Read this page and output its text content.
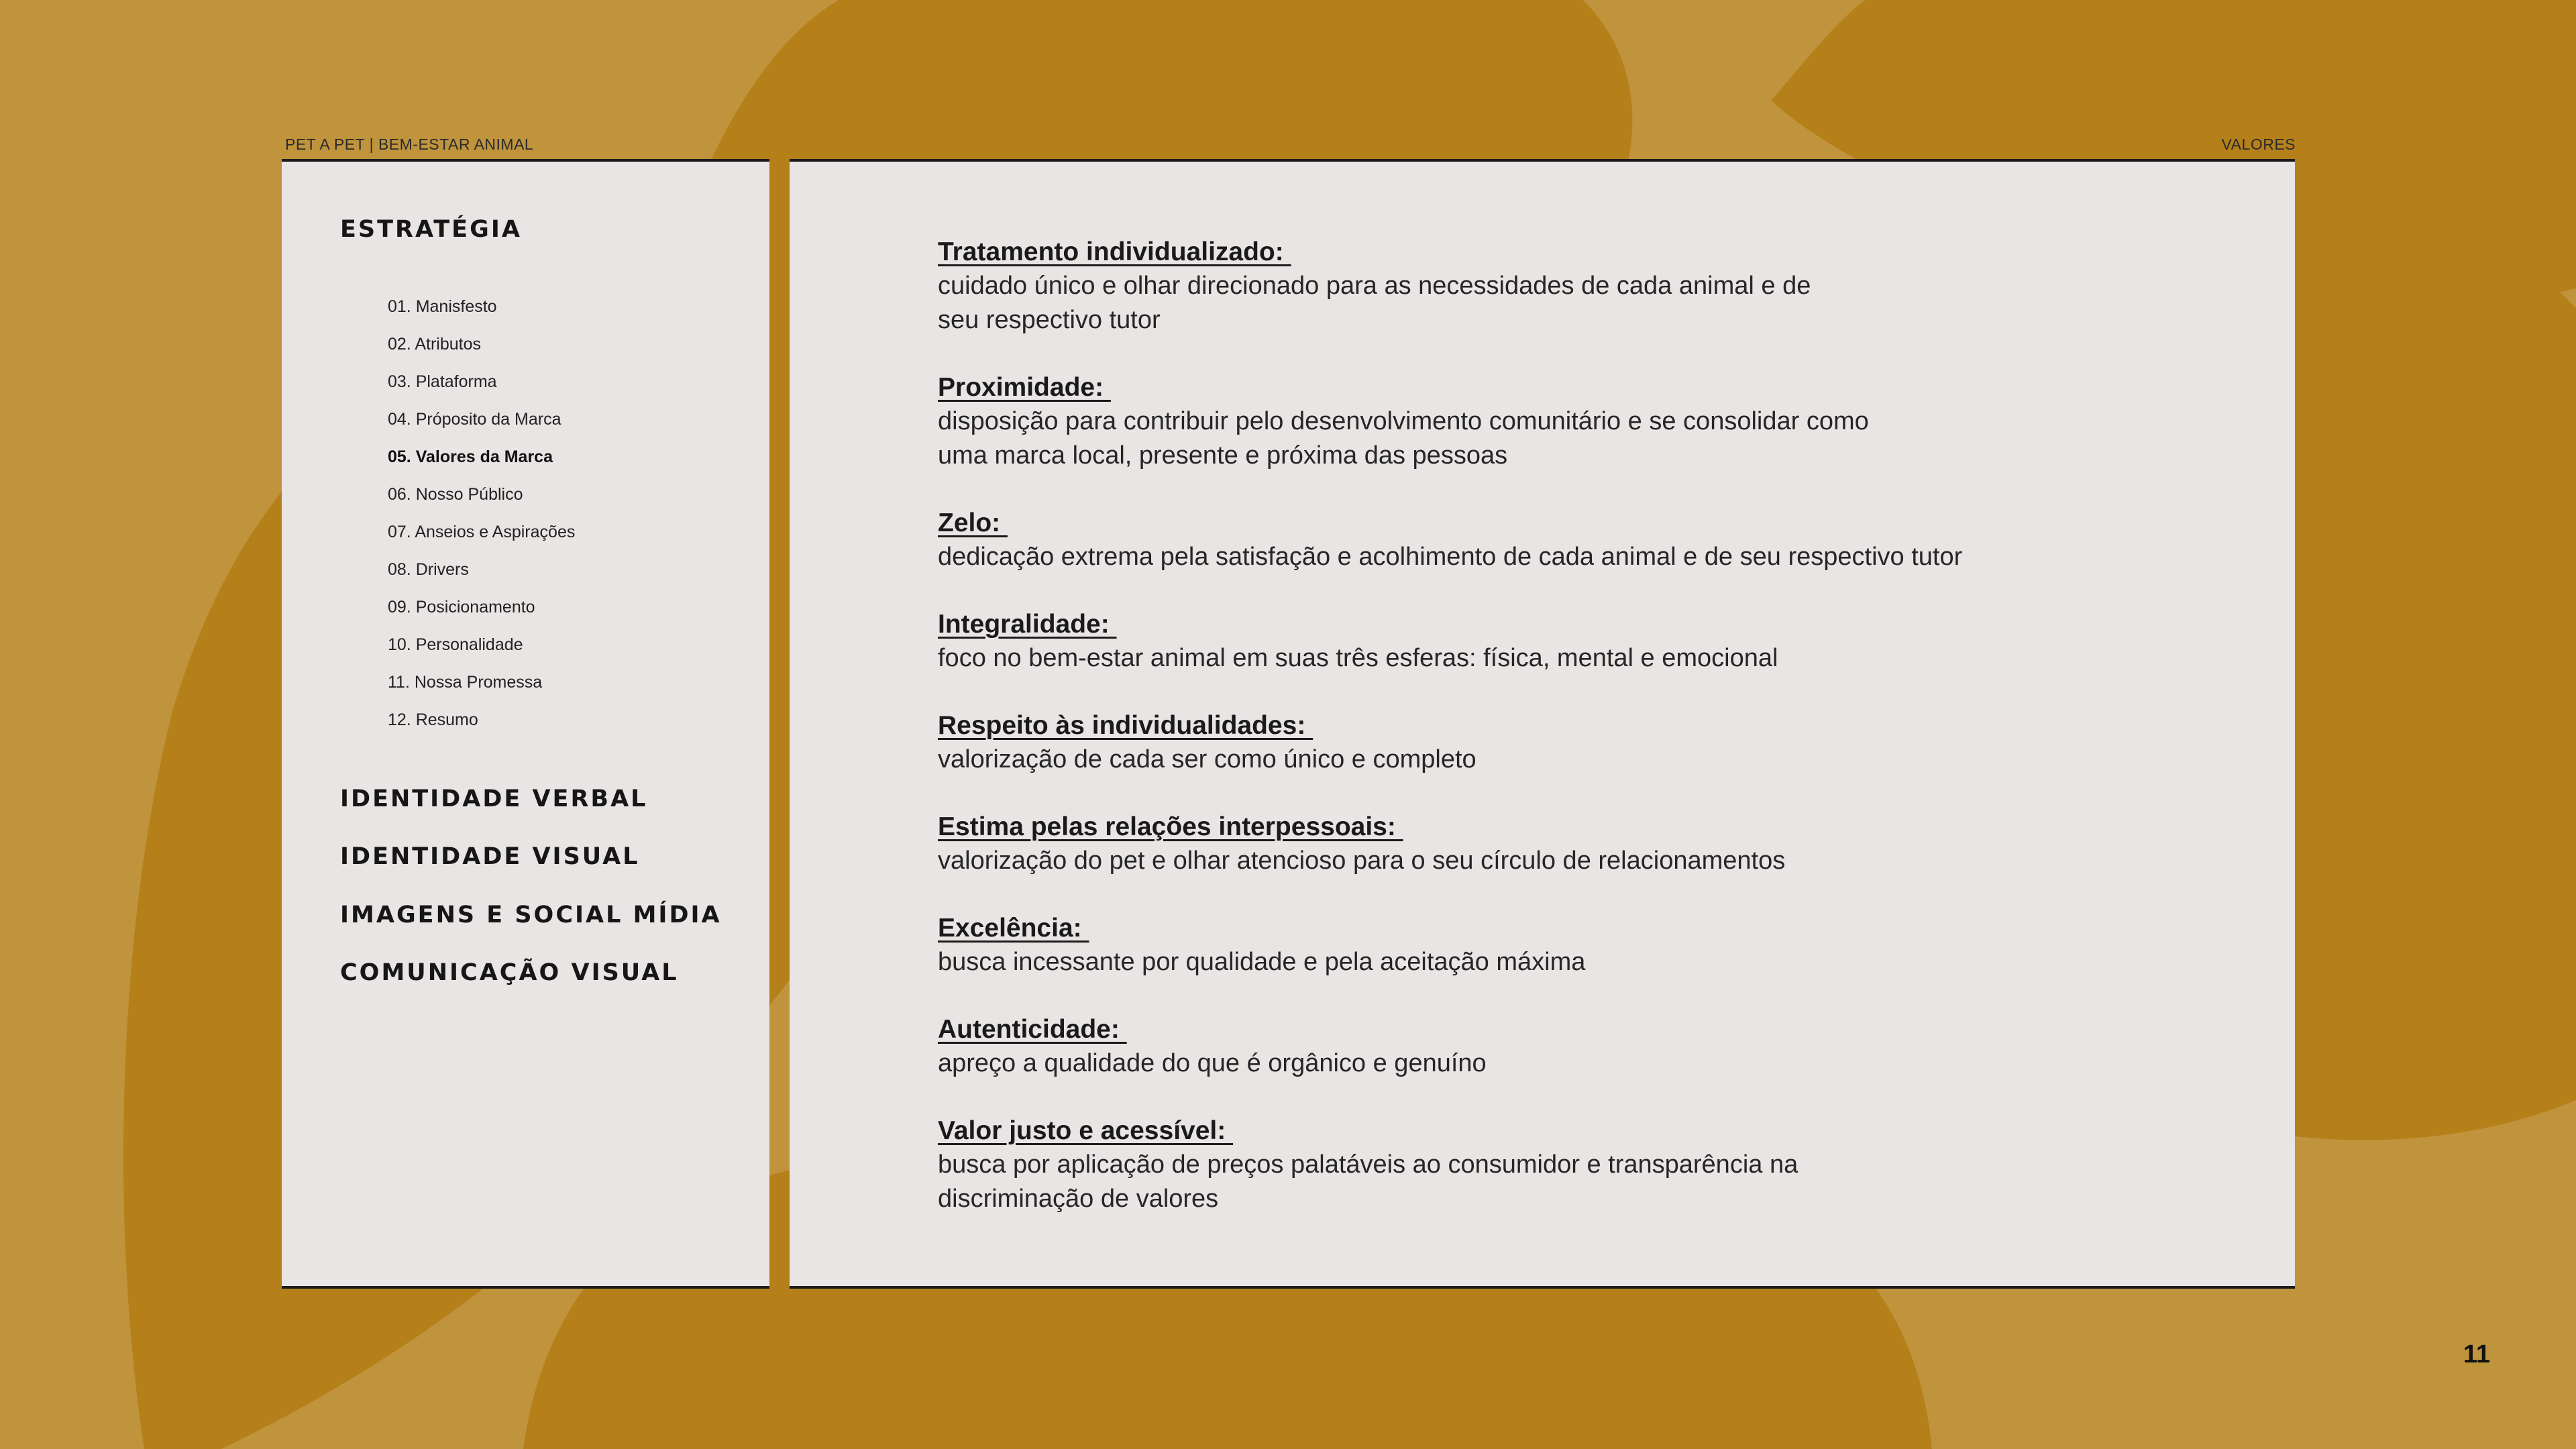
PET A PET | BEM-ESTAR ANIMAL	VALORES
ESTRATÉGIA
01. Manisfesto
02. Atributos
03. Plataforma
04. Próposito da Marca
05. Valores da Marca
06. Nosso Público
07. Anseios e Aspirações
08. Drivers
09. Posicionamento
10. Personalidade
11. Nossa Promessa
12. Resumo
IDENTIDADE VERBAL
IDENTIDADE VISUAL
IMAGENS E SOCIAL MÍDIA
COMUNICAÇÃO VISUAL
Tratamento individualizado:
cuidado único e olhar direcionado para as necessidades de cada animal e de
seu respectivo tutor
Proximidade:
disposição para contribuir pelo desenvolvimento comunitário e se consolidar como
uma marca local, presente e próxima das pessoas
Zelo:
dedicação extrema pela satisfação e acolhimento de cada animal e de seu respectivo tutor
Integralidade:
foco no bem-estar animal em suas três esferas: física, mental e emocional
Respeito às individualidades:
valorização de cada ser como único e completo
Estima pelas relações interpessoais:
valorização do pet e olhar atencioso para o seu círculo de relacionamentos
Excelência:
busca incessante por qualidade e pela aceitação máxima
Autenticidade:
apreço a qualidade do que é orgânico e genuíno
Valor justo e acessível:
busca por aplicação de preços palatáveis ao consumidor e transparência na
discriminação de valores
11
